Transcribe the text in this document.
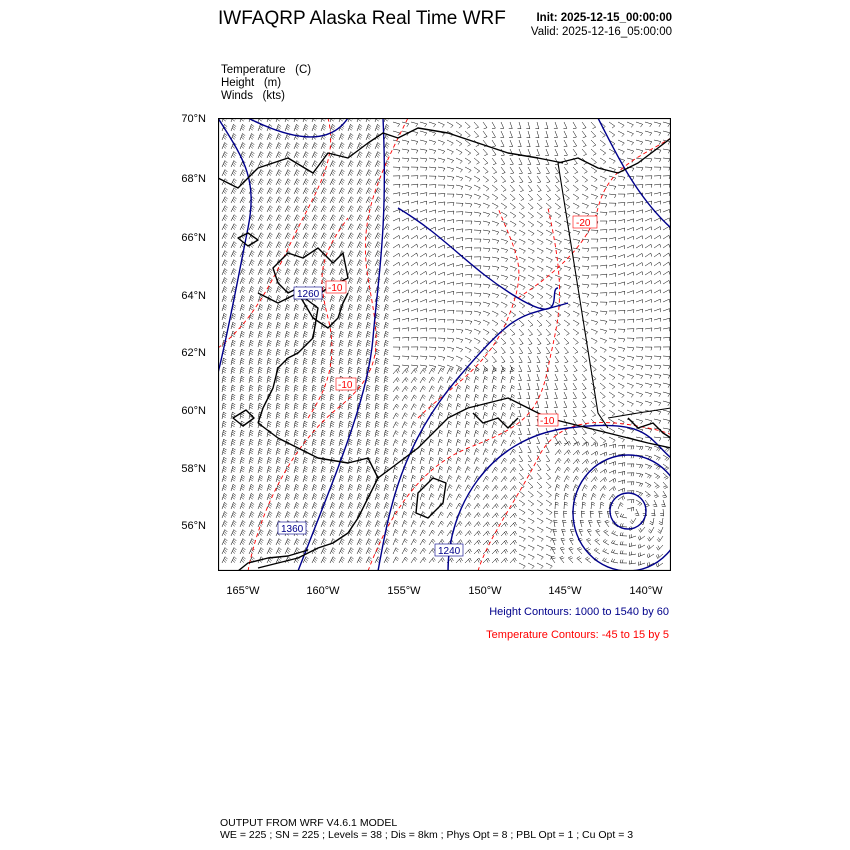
IWFAQRP Alaska Real Time WRF	Init: 2025-12-15_00:00:00
Valid: 2025-12-16_05:00:00
Temperature (C)
Height (m)
Winds (kts)
70°N
68°N
66°N
64°N
62°N
60°N
58°N
56°N
165°W	160°W	155°W	150°W	145°W	140°W
1260
1360
1240
-20
-10
-10
-10
Height Contours: 1000 to 1540 by 60
Temperature Contours: -45 to 15 by 5
OUTPUT FROM WRF V4.6.1 MODEL
WE = 225 ; SN = 225 ; Levels = 38 ; Dis = 8km ; Phys Opt = 8 ; PBL Opt = 1 ; Cu Opt = 3
